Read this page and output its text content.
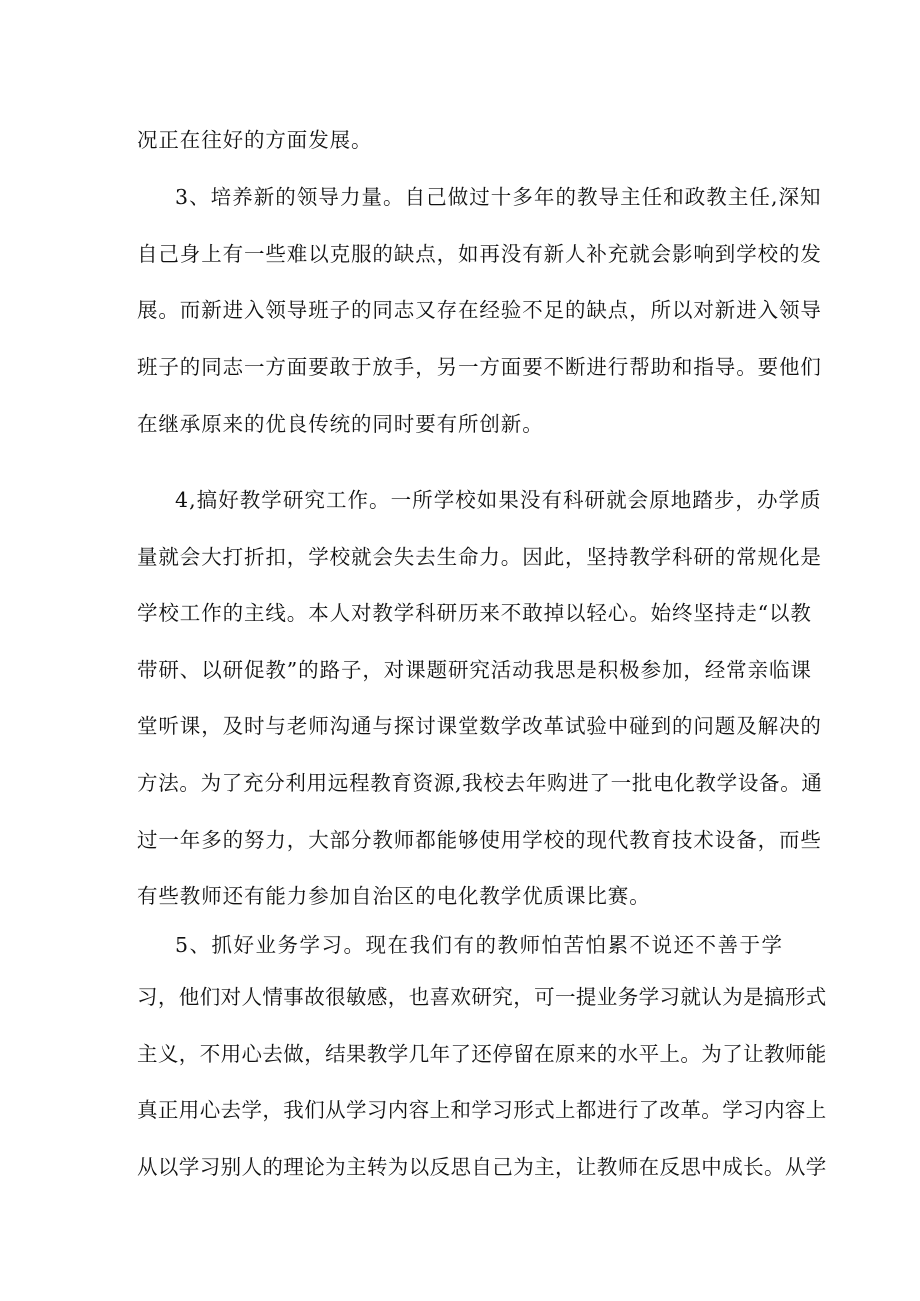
况正在往好的方面发展。
3、培养新的领导力量。自己做过十多年的教导主任和政教主任,深知
自己身上有一些难以克服的缺点，如再没有新人补充就会影响到学校的发
展。而新进入领导班子的同志又存在经验不足的缺点，所以对新进入领导
班子的同志一方面要敢于放手，另一方面要不断进行帮助和指导。要他们
在继承原来的优良传统的同时要有所创新。
4,搞好教学研究工作。一所学校如果没有科研就会原地踏步，办学质
量就会大打折扣，学校就会失去生命力。因此，坚持教学科研的常规化是
学校工作的主线。本人对教学科研历来不敢掉以轻心。始终坚持走“以教
带研、以研促教”的路子，对课题研究活动我思是积极参加，经常亲临课
堂听课，及时与老师沟通与探讨课堂数学改革试验中碰到的问题及解决的
方法。为了充分利用远程教育资源,我校去年购进了一批电化教学设备。通
过一年多的努力，大部分教师都能够使用学校的现代教育技术设备，而些
有些教师还有能力参加自治区的电化教学优质课比赛。
5、抓好业务学习。现在我们有的教师怕苦怕累不说还不善于学
习，他们对人情事故很敏感，也喜欢研究，可一提业务学习就认为是搞形式
主义，不用心去做，结果教学几年了还停留在原来的水平上。为了让教师能
真正用心去学，我们从学习内容上和学习形式上都进行了改革。学习内容上
从以学习别人的理论为主转为以反思自己为主，让教师在反思中成长。从学
